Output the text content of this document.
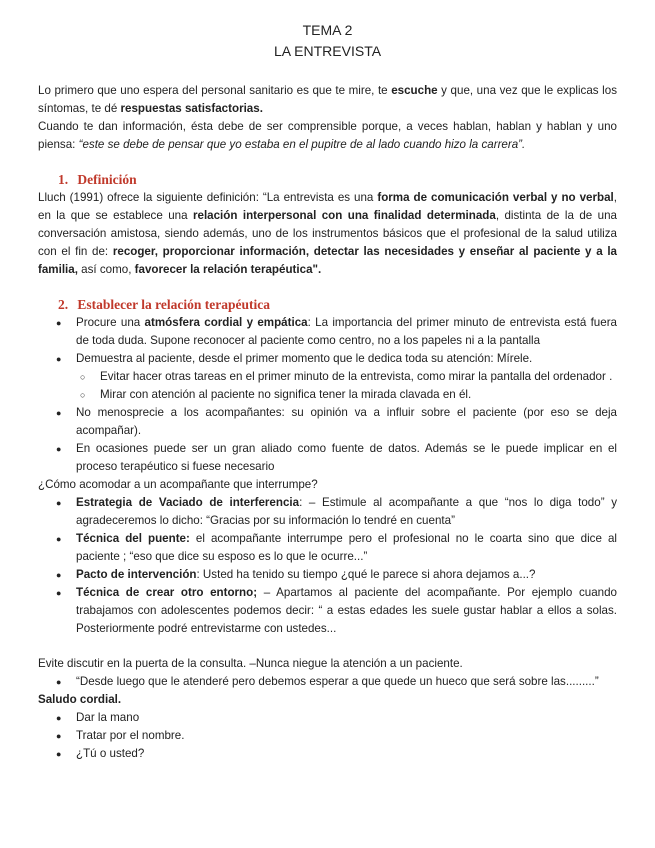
TEMA 2
LA ENTREVISTA

Lo primero que uno espera del personal sanitario es que te mire, te escuche y que, una vez que le explicas los síntomas, te dé respuestas satisfactorias.

Cuando te dan información, ésta debe de ser comprensible porque, a veces hablan, hablan y hablan y uno piensa: “este se debe de pensar que yo estaba en el pupitre de al lado cuando hizo la carrera”.

1. Definición

Lluch (1991) ofrece la siguiente definición: “La entrevista es una forma de comunicación verbal y no verbal, en la que se establece una relación interpersonal con una finalidad determinada, distinta de la de una conversación amistosa, siendo además, uno de los instrumentos básicos que el profesional de la salud utiliza con el fin de: recoger, proporcionar información, detectar las necesidades y enseñar al paciente y a la familia, así como, favorecer la relación terapéutica".

2. Establecer la relación terapéutica
● Procure una atmósfera cordial y empática: La importancia del primer minuto de entrevista está fuera de toda duda. Supone reconocer al paciente como centro, no a los papeles ni a la pantalla
● Demuestra al paciente, desde el primer momento que le dedica toda su atención: Mírele.
○ Evitar hacer otras tareas en el primer minuto de la entrevista, como mirar la pantalla del ordenador .
○ Mirar con atención al paciente no significa tener la mirada clavada en él.
● No menosprecie a los acompañantes: su opinión va a influir sobre el paciente (por eso se deja acompañar).
● En ocasiones puede ser un gran aliado como fuente de datos. Además se le puede implicar en el proceso terapéutico si fuese necesario

¿Cómo acomodar a un acompañante que interrumpe?

● Estrategia de Vaciado de interferencia: – Estimule al acompañante a que “nos lo diga todo” y agradeceremos lo dicho: “Gracias por su información lo tendré en cuenta”
● Técnica del puente: el acompañante interrumpe pero el profesional no le coarta sino que dice al paciente ; “eso que dice su esposo es lo que le ocurre...”
● Pacto de intervención: Usted ha tenido su tiempo ¿qué le parece si ahora dejamos a...?
● Técnica de crear otro entorno; – Apartamos al paciente del acompañante. Por ejemplo cuando trabajamos con adolescentes podemos decir: “ a estas edades les suele gustar hablar a ellos a solas. Posteriormente podré entrevistarme con ustedes...

Evite discutir en la puerta de la consulta. –Nunca niegue la atención a un paciente.

● “Desde luego que le atenderé pero debemos esperar a que quede un hueco que será sobre las.........”

Saludo cordial.

● Dar la mano
● Tratar por el nombre.
● ¿Tú o usted?
